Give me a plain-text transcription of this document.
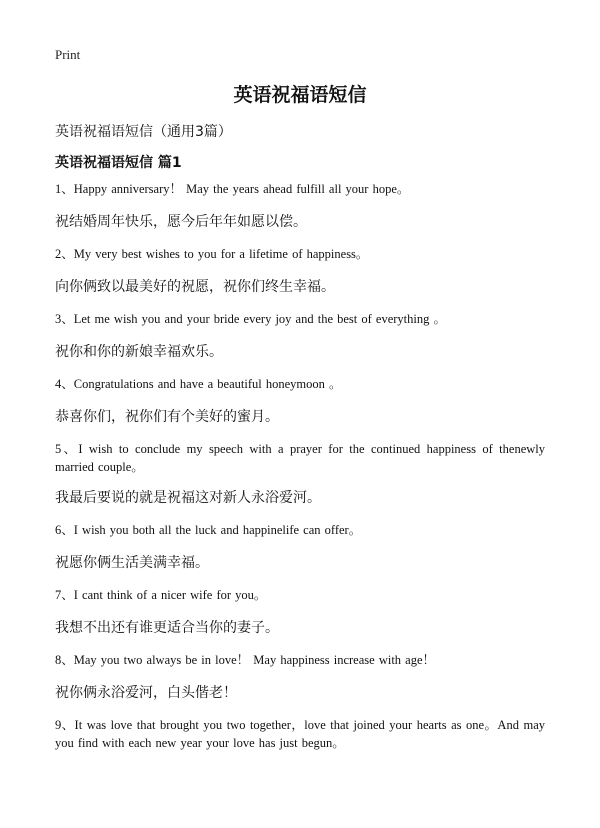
Print
英语祝福语短信
英语祝福语短信（通用3篇）
英语祝福语短信 篇1

1、Happy anniversary！ May the years ahead fulfill all your hope。

祝结婚周年快乐，愿今后年年如愿以偿。

2、My very best wishes to you for a lifetime of happiness。

向你俩致以最美好的祝愿，祝你们终生幸福。

3、Let me wish you and your bride every joy and the best of everything 。

祝你和你的新娘幸福欢乐。

4、Congratulations and have a beautiful honeymoon 。

恭喜你们，祝你们有个美好的蜜月。

5、I wish to conclude my speech with a prayer for the continued happiness of thenewly married couple。

我最后要说的就是祝福这对新人永浴爱河。

6、I wish you both all the luck and happinelife can offer。

祝愿你俩生活美满幸福。

7、I cant think of a nicer wife for you。

我想不出还有谁更适合当你的妻子。

8、May you two always be in love！ May happiness increase with age！

祝你俩永浴爱河，白头偕老！

9、It was love that brought you two together，love that joined your hearts as one。And may you find with each new year your love has just begun。
